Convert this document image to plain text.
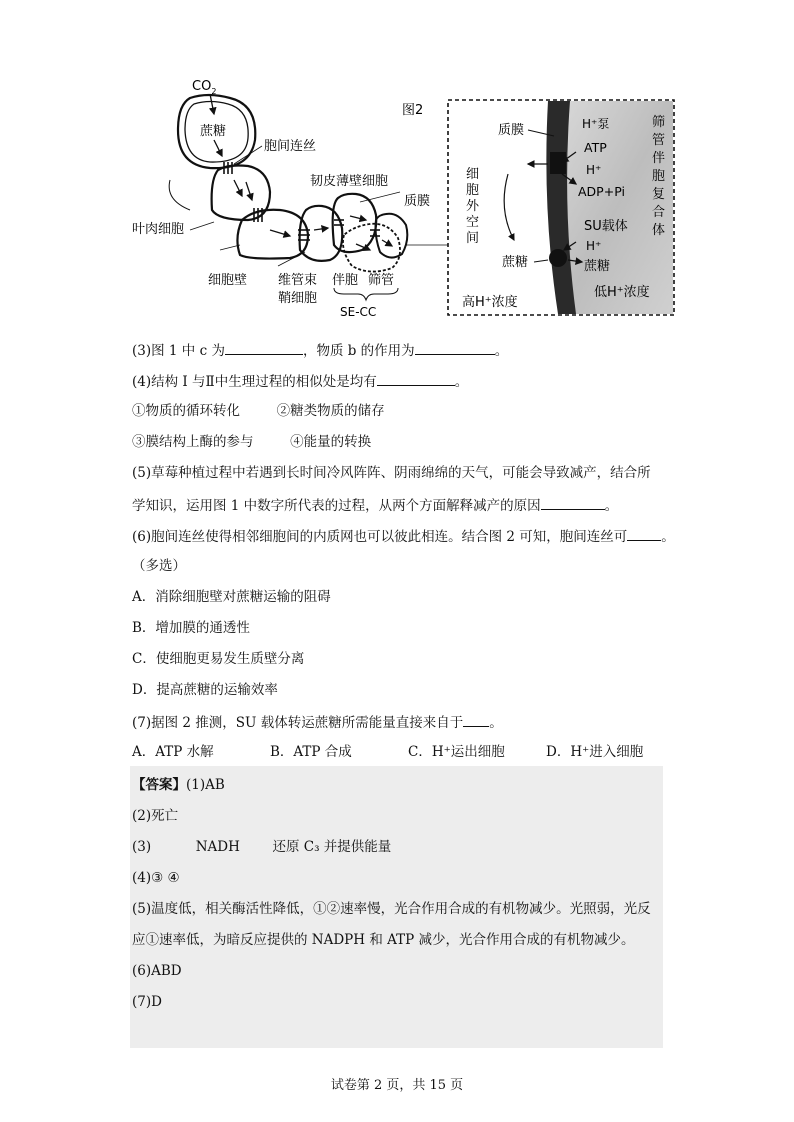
$CO_2$
蔗糖
胞间连丝
韧皮薄壁细胞
质膜
叶肉细胞
细胞壁 维管束
鞘细胞
伴胞 筛管
SE-CC
图2
质膜
细
胞
外
空
间
蔗糖
高H⁺浓度
H⁺泵
ATP
H⁺
ADP+Pi
SU载体
H⁺
蔗糖
低H⁺浓度
筛
管
伴
胞
复
合
体
(3)图 1 中 c 为	，物质 b 的作用为	。
(4)结构 I 与Ⅱ中生理过程的相似处是均有	。
①物质的循环转化	②糖类物质的储存
③膜结构上酶的参与	④能量的转换
(5)草莓种植过程中若遇到长时间冷风阵阵、阴雨绵绵的天气，可能会导致减产，结合所
学知识，运用图 1 中数字所代表的过程，从两个方面解释减产的原因	。
(6)胞间连丝使得相邻细胞间的内质网也可以彼此相连。结合图 2 可知，胞间连丝可	。
（多选）
A．消除细胞壁对蔗糖运输的阻碍
B．增加膜的通透性
C．使细胞更易发生质壁分离
D．提高蔗糖的运输效率
(7)据图 2 推测，SU 载体转运蔗糖所需能量直接来自于 。
A．ATP 水解	B．ATP 合成	C．H⁺运出细胞	D．H⁺进入细胞
【答案】(1)AB
(2)死亡
(3)	NADH 还原 C₃ 并提供能量
(4)③ ④
(5)温度低，相关酶活性降低，①②速率慢，光合作用合成的有机物减少。光照弱，光反
应①速率低，为暗反应提供的 NADPH 和 ATP 减少，光合作用合成的有机物减少。
(6)ABD
(7)D
试卷第 2 页，共 15 页
